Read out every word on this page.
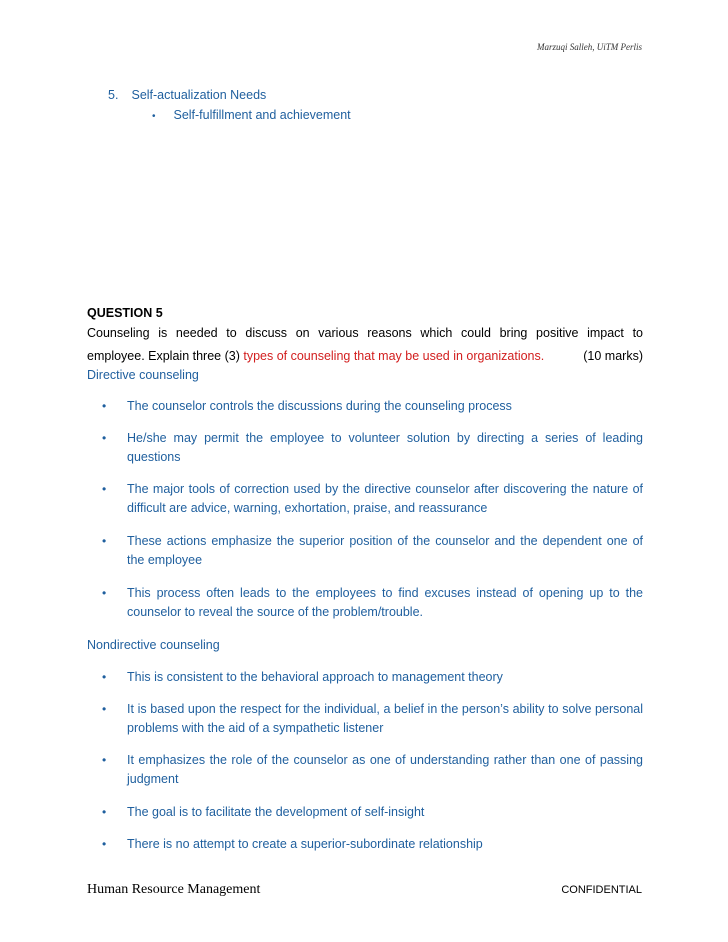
Marzuqi Salleh, UiTM Perlis
5. Self-actualization Needs
• Self-fulfillment and achievement
QUESTION 5
Counseling is needed to discuss on various reasons which could bring positive impact to
employee. Explain three (3) types of counseling that may be used in organizations.	(10 marks)
Directive counseling
• The counselor controls the discussions during the counseling process
• He/she may permit the employee to volunteer solution by directing a series of leading questions
• The major tools of correction used by the directive counselor after discovering the nature of difficult are advice, warning, exhortation, praise, and reassurance
• These actions emphasize the superior position of the counselor and the dependent one of the employee
• This process often leads to the employees to find excuses instead of opening up to the counselor to reveal the source of the problem/trouble.
Nondirective counseling
• This is consistent to the behavioral approach to management theory
• It is based upon the respect for the individual, a belief in the person’s ability to solve personal problems with the aid of a sympathetic listener
• It emphasizes the role of the counselor as one of understanding rather than one of passing judgment
• The goal is to facilitate the development of self-insight
• There is no attempt to create a superior-subordinate relationship
Human Resource Management	CONFIDENTIAL
